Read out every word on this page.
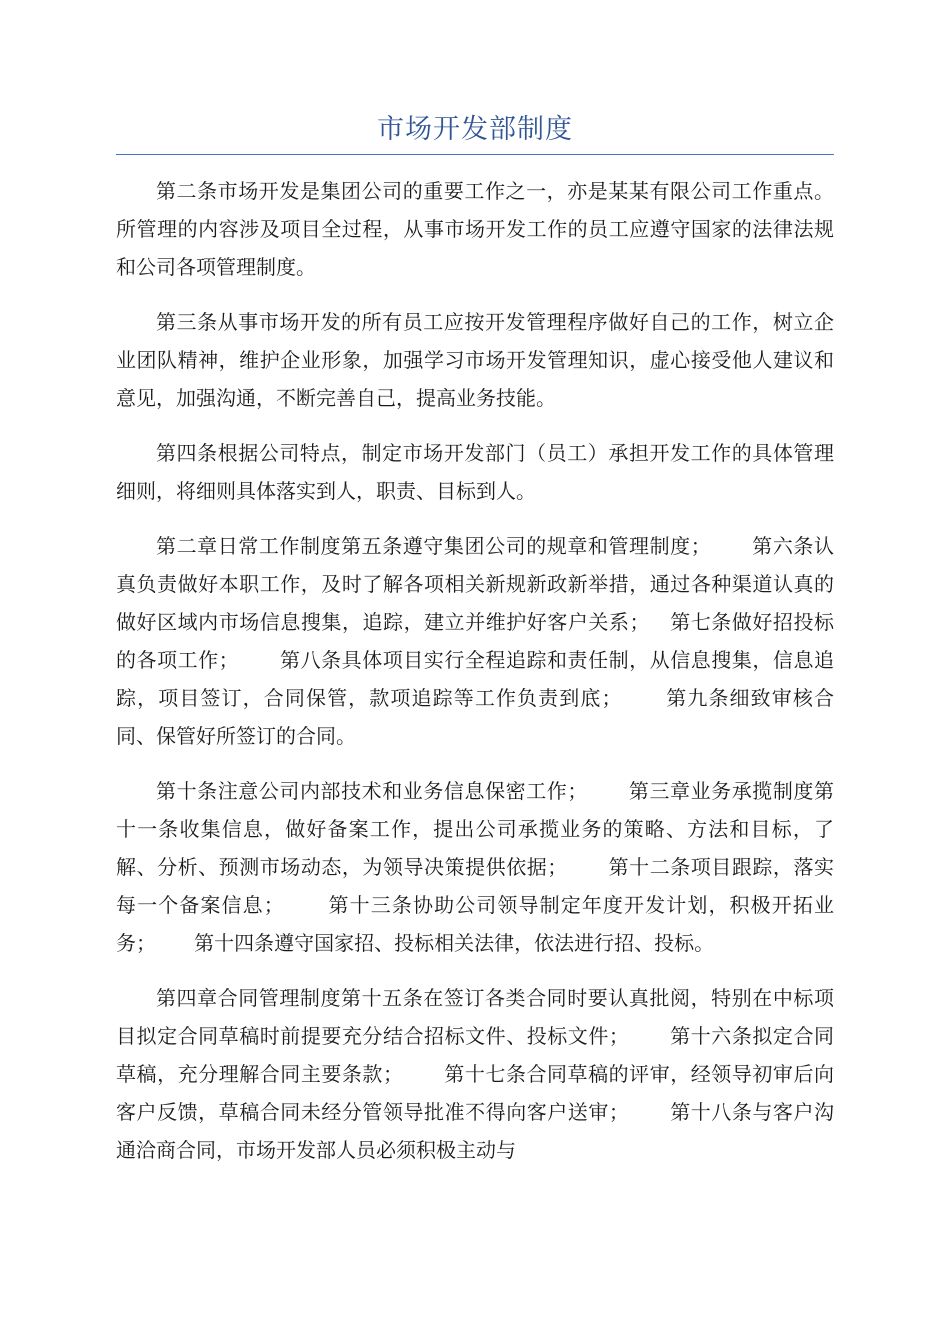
市场开发部制度

第二条市场开发是集团公司的重要工作之一，亦是某某有限公司工作重点。所管理的内容涉及项目全过程，从事市场开发工作的员工应遵守国家的法律法规和公司各项管理制度。

第三条从事市场开发的所有员工应按开发管理程序做好自己的工作，树立企业团队精神，维护企业形象，加强学习市场开发管理知识，虚心接受他人建议和意见，加强沟通，不断完善自己，提高业务技能。

第四条根据公司特点，制定市场开发部门（员工）承担开发工作的具体管理细则，将细则具体落实到人，职责、目标到人。

第二章日常工作制度第五条遵守集团公司的规章和管理制度；      第六条认真负责做好本职工作，及时了解各项相关新规新政新举措，通过各种渠道认真的做好区域内市场信息搜集，追踪，建立并维护好客户关系；   第七条做好招投标的各项工作；      第八条具体项目实行全程追踪和责任制，从信息搜集，信息追踪，项目签订，合同保管，款项追踪等工作负责到底；      第九条细致审核合同、保管好所签订的合同。

第十条注意公司内部技术和业务信息保密工作；      第三章业务承揽制度第十一条收集信息，做好备案工作，提出公司承揽业务的策略、方法和目标，了解、分析、预测市场动态，为领导决策提供依据；      第十二条项目跟踪，落实每一个备案信息；      第十三条协助公司领导制定年度开发计划，积极开拓业务；      第十四条遵守国家招、投标相关法律，依法进行招、投标。

第四章合同管理制度第十五条在签订各类合同时要认真批阅，特别在中标项目拟定合同草稿时前提要充分结合招标文件、投标文件；      第十六条拟定合同草稿，充分理解合同主要条款；      第十七条合同草稿的评审，经领导初审后向客户反馈，草稿合同未经分管领导批准不得向客户送审；      第十八条与客户沟通洽商合同，市场开发部人员必须积极主动与
